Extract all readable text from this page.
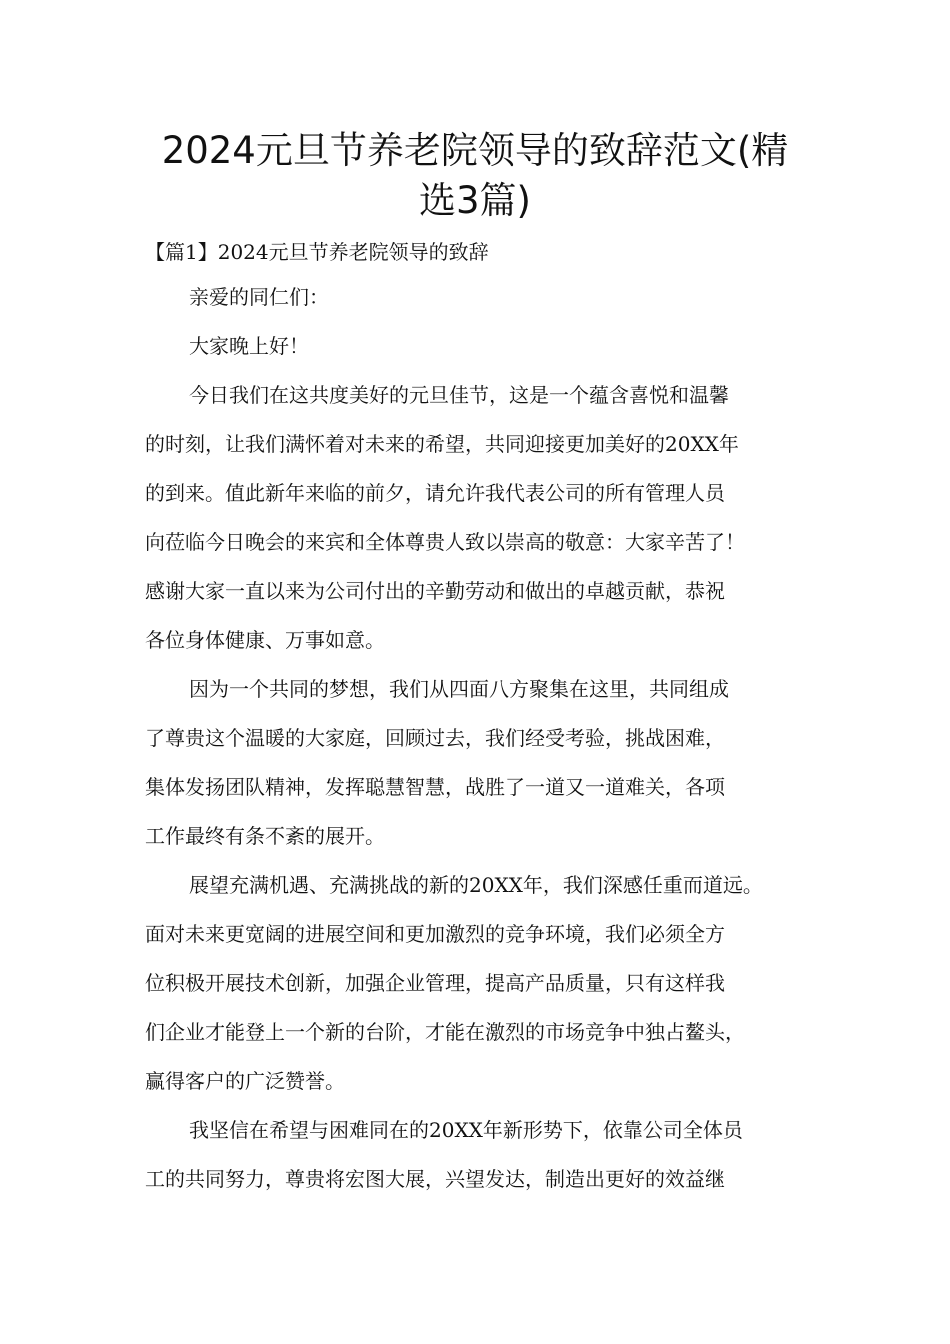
2024元旦节养老院领导的致辞范文(精
选3篇)

【篇1】2024元旦节养老院领导的致辞

亲爱的同仁们：

大家晚上好！

今日我们在这共度美好的元旦佳节，这是一个蕴含喜悦和温馨
的时刻，让我们满怀着对未来的希望，共同迎接更加美好的20XX年
的到来。值此新年来临的前夕，请允许我代表公司的所有管理人员
向莅临今日晚会的来宾和全体尊贵人致以崇高的敬意：大家辛苦了！
感谢大家一直以来为公司付出的辛勤劳动和做出的卓越贡献，恭祝
各位身体健康、万事如意。

因为一个共同的梦想，我们从四面八方聚集在这里，共同组成
了尊贵这个温暖的大家庭，回顾过去，我们经受考验，挑战困难，
集体发扬团队精神，发挥聪慧智慧，战胜了一道又一道难关，各项
工作最终有条不紊的展开。

展望充满机遇、充满挑战的新的20XX年，我们深感任重而道远。
面对未来更宽阔的进展空间和更加激烈的竞争环境，我们必须全方
位积极开展技术创新，加强企业管理，提高产品质量，只有这样我
们企业才能登上一个新的台阶，才能在激烈的市场竞争中独占鳌头，
赢得客户的广泛赞誉。

我坚信在希望与困难同在的20XX年新形势下，依靠公司全体员
工的共同努力，尊贵将宏图大展，兴望发达，制造出更好的效益继
